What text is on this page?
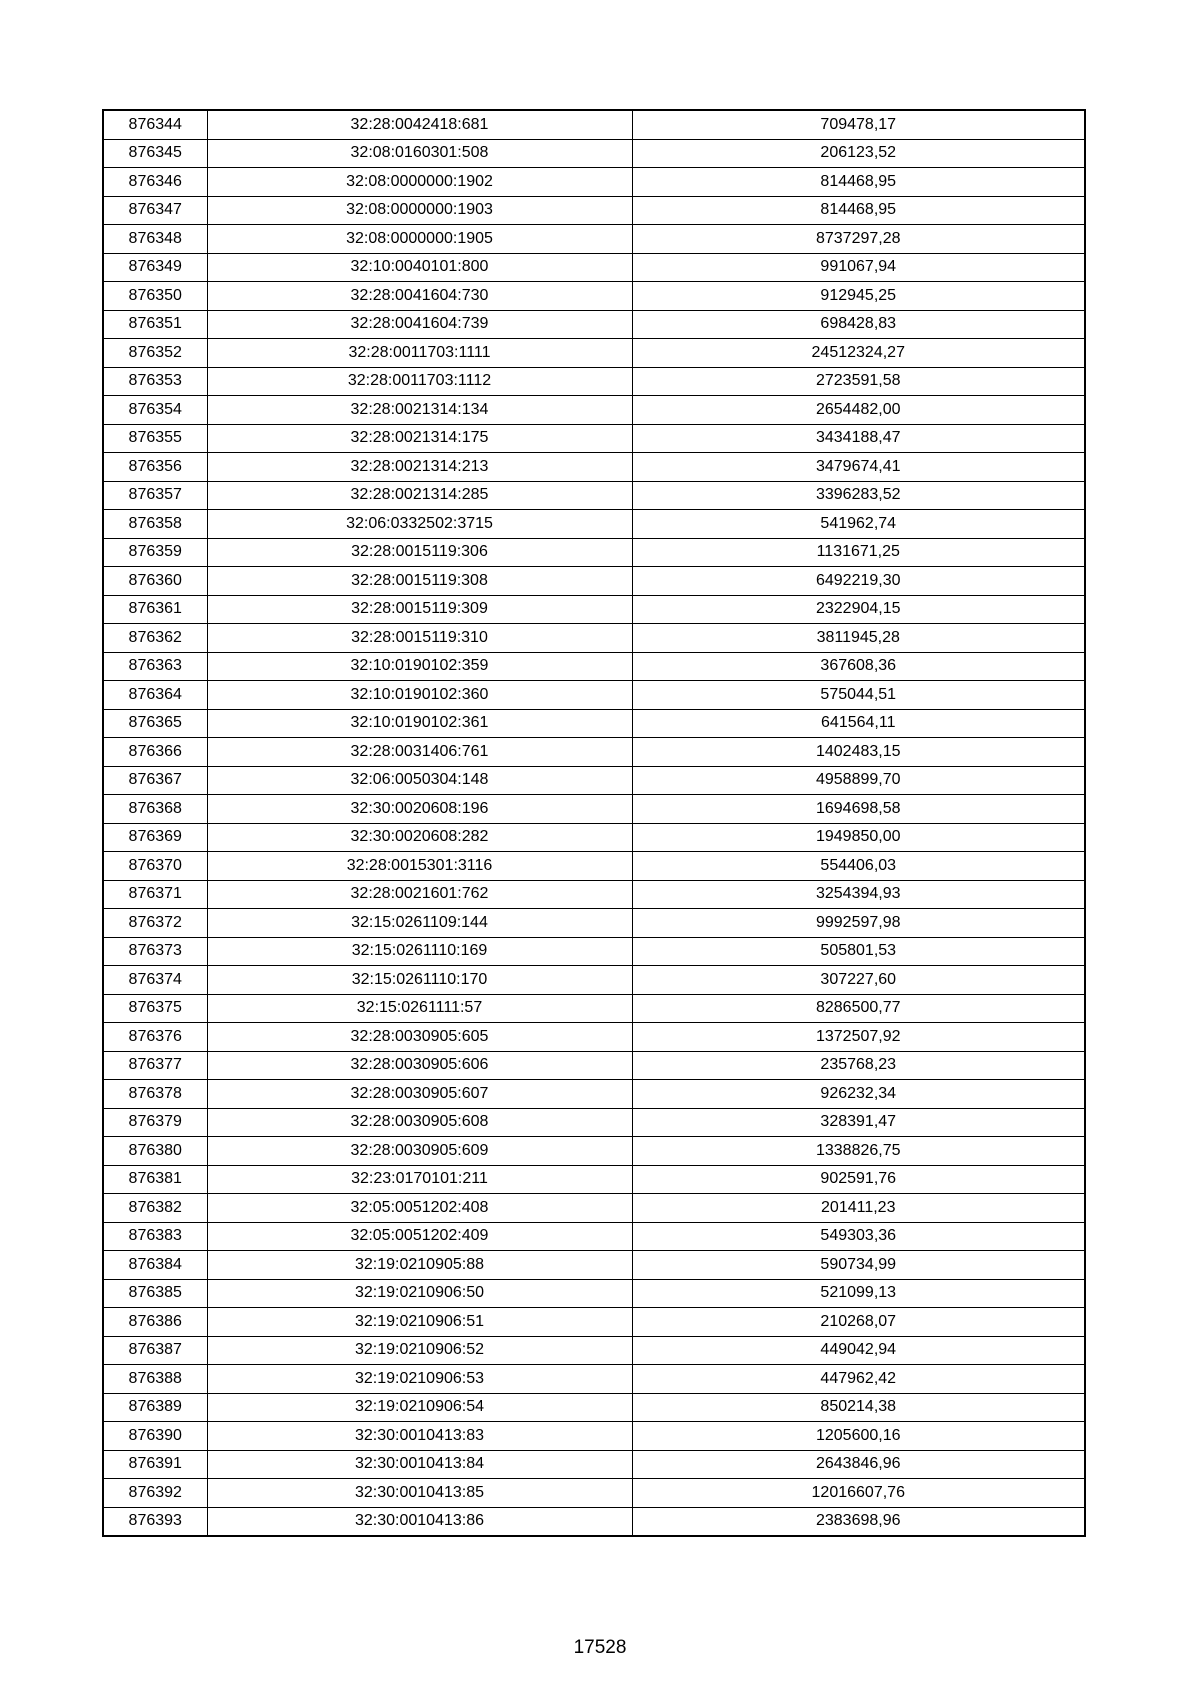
876344	32:28:0042418:681	709478,17
876345	32:08:0160301:508	206123,52
876346	32:08:0000000:1902	814468,95
876347	32:08:0000000:1903	814468,95
876348	32:08:0000000:1905	8737297,28
876349	32:10:0040101:800	991067,94
876350	32:28:0041604:730	912945,25
876351	32:28:0041604:739	698428,83
876352	32:28:0011703:1111	24512324,27
876353	32:28:0011703:1112	2723591,58
876354	32:28:0021314:134	2654482,00
876355	32:28:0021314:175	3434188,47
876356	32:28:0021314:213	3479674,41
876357	32:28:0021314:285	3396283,52
876358	32:06:0332502:3715	541962,74
876359	32:28:0015119:306	1131671,25
876360	32:28:0015119:308	6492219,30
876361	32:28:0015119:309	2322904,15
876362	32:28:0015119:310	3811945,28
876363	32:10:0190102:359	367608,36
876364	32:10:0190102:360	575044,51
876365	32:10:0190102:361	641564,11
876366	32:28:0031406:761	1402483,15
876367	32:06:0050304:148	4958899,70
876368	32:30:0020608:196	1694698,58
876369	32:30:0020608:282	1949850,00
876370	32:28:0015301:3116	554406,03
876371	32:28:0021601:762	3254394,93
876372	32:15:0261109:144	9992597,98
876373	32:15:0261110:169	505801,53
876374	32:15:0261110:170	307227,60
876375	32:15:0261111:57	8286500,77
876376	32:28:0030905:605	1372507,92
876377	32:28:0030905:606	235768,23
876378	32:28:0030905:607	926232,34
876379	32:28:0030905:608	328391,47
876380	32:28:0030905:609	1338826,75
876381	32:23:0170101:211	902591,76
876382	32:05:0051202:408	201411,23
876383	32:05:0051202:409	549303,36
876384	32:19:0210905:88	590734,99
876385	32:19:0210906:50	521099,13
876386	32:19:0210906:51	210268,07
876387	32:19:0210906:52	449042,94
876388	32:19:0210906:53	447962,42
876389	32:19:0210906:54	850214,38
876390	32:30:0010413:83	1205600,16
876391	32:30:0010413:84	2643846,96
876392	32:30:0010413:85	12016607,76
876393	32:30:0010413:86	2383698,96
17528
